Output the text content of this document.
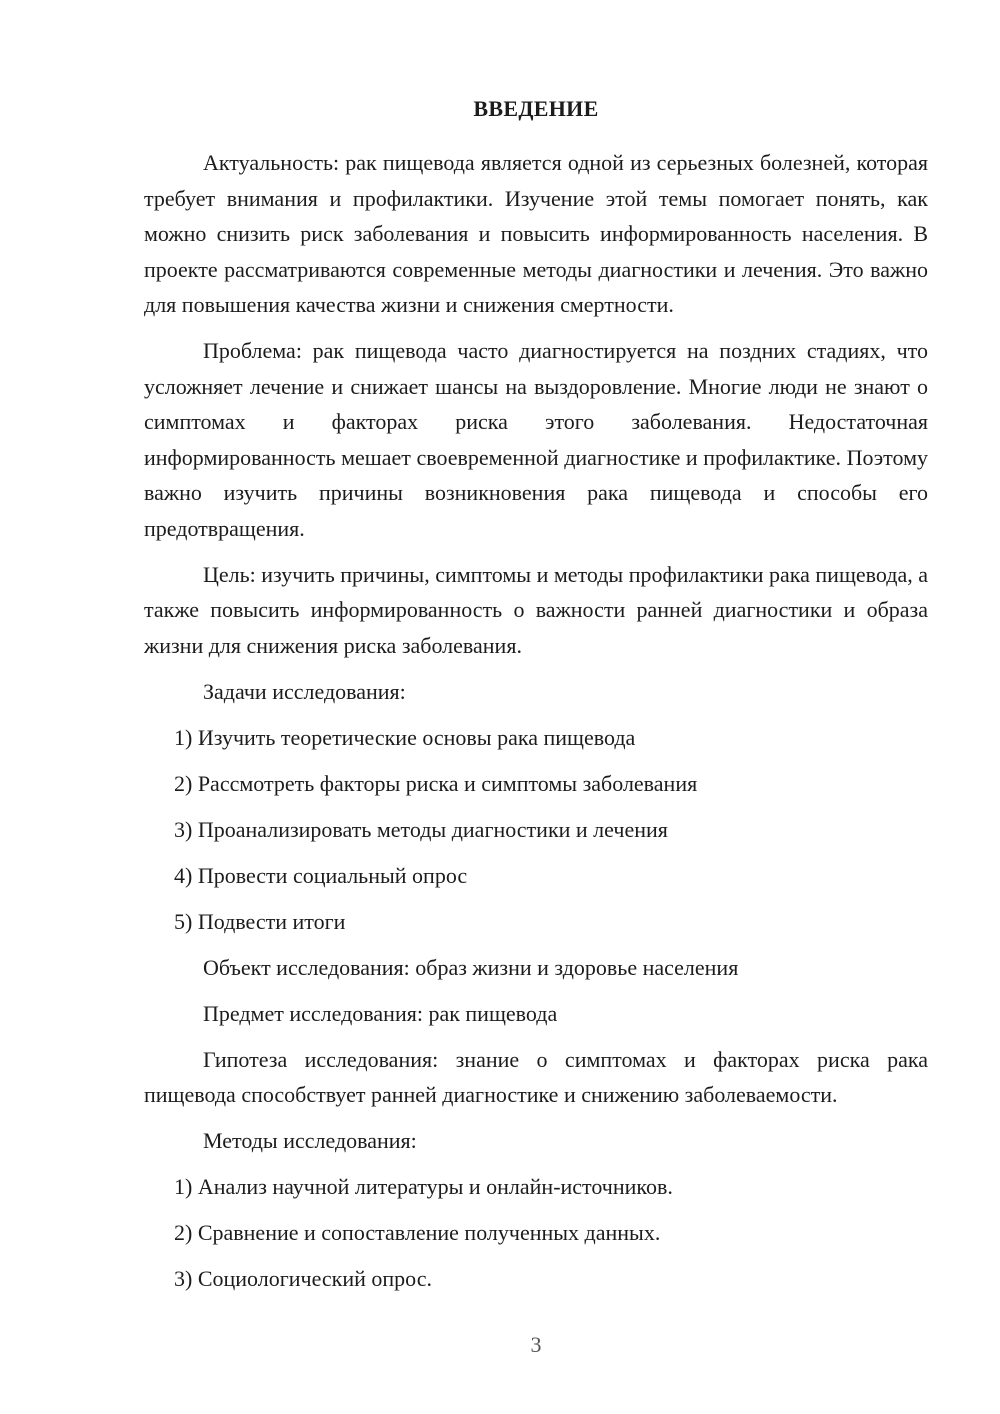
ВВЕДЕНИЕ

Актуальность: рак пищевода является одной из серьезных болезней, которая требует внимания и профилактики. Изучение этой темы помогает понять, как можно снизить риск заболевания и повысить информированность населения. В проекте рассматриваются современные методы диагностики и лечения. Это важно для повышения качества жизни и снижения смертности.

Проблема: рак пищевода часто диагностируется на поздних стадиях, что усложняет лечение и снижает шансы на выздоровление. Многие люди не знают о симптомах и факторах риска этого заболевания. Недостаточная информированность мешает своевременной диагностике и профилактике. Поэтому важно изучить причины возникновения рака пищевода и способы его предотвращения.

Цель: изучить причины, симптомы и методы профилактики рака пищевода, а также повысить информированность о важности ранней диагностики и образа жизни для снижения риска заболевания.

Задачи исследования:

1) Изучить теоретические основы рака пищевода

2) Рассмотреть факторы риска и симптомы заболевания

3) Проанализировать методы диагностики и лечения

4) Провести социальный опрос

5) Подвести итоги

Объект исследования: образ жизни и здоровье населения

Предмет исследования: рак пищевода

Гипотеза исследования: знание о симптомах и факторах риска рака пищевода способствует ранней диагностике и снижению заболеваемости.

Методы исследования:

1) Анализ научной литературы и онлайн-источников.

2) Сравнение и сопоставление полученных данных.

3) Социологический опрос.

3
